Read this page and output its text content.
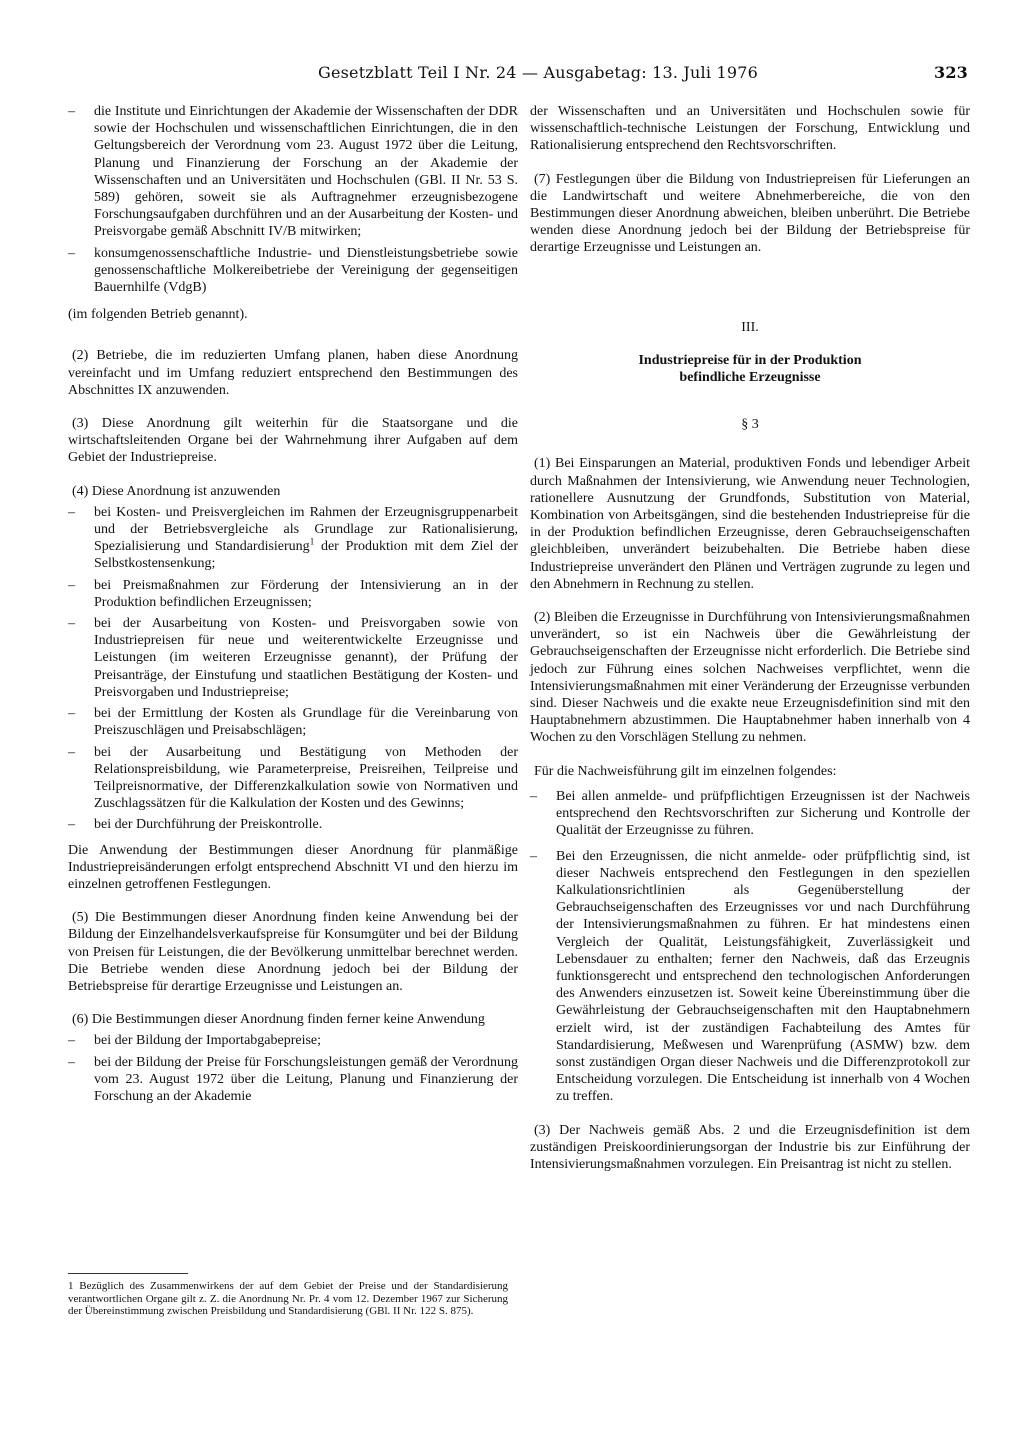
Gesetzblatt Teil I Nr. 24 — Ausgabetag: 13. Juli 1976	323
– die Institute und Einrichtungen der Akademie der Wissenschaften der DDR sowie der Hochschulen und wissenschaftlichen Einrichtungen, die in den Geltungsbereich der Verordnung vom 23. August 1972 über die Leitung, Planung und Finanzierung der Forschung an der Akademie der Wissenschaften und an Universitäten und Hochschulen (GBl. II Nr. 53 S. 589) gehören, soweit sie als Auftragnehmer erzeugnisbezogene Forschungsaufgaben durchführen und an der Ausarbeitung der Kosten- und Preisvorgabe gemäß Abschnitt IV/B mitwirken;
– konsumgenossenschaftliche Industrie- und Dienstleistungsbetriebe sowie genossenschaftliche Molkereibetriebe der Vereinigung der gegenseitigen Bauernhilfe (VdgB)

(im folgenden Betrieb genannt).

(2) Betriebe, die im reduzierten Umfang planen, haben diese Anordnung vereinfacht und im Umfang reduziert entsprechend den Bestimmungen des Abschnittes IX anzuwenden.

(3) Diese Anordnung gilt weiterhin für die Staatsorgane und die wirtschaftsleitenden Organe bei der Wahrnehmung ihrer Aufgaben auf dem Gebiet der Industriepreise.

(4) Diese Anordnung ist anzuwenden

– bei Kosten- und Preisvergleichen im Rahmen der Erzeugnisgruppenarbeit und der Betriebsvergleiche als Grundlage zur Rationalisierung, Spezialisierung und Standardisierung$^1$ der Produktion mit dem Ziel der Selbstkostensenkung;
– bei Preismaßnahmen zur Förderung der Intensivierung an in der Produktion befindlichen Erzeugnissen;
– bei der Ausarbeitung von Kosten- und Preisvorgaben sowie von Industriepreisen für neue und weiterentwickelte Erzeugnisse und Leistungen (im weiteren Erzeugnisse genannt), der Prüfung der Preisanträge, der Einstufung und staatlichen Bestätigung der Kosten- und Preisvorgaben und Industriepreise;
– bei der Ermittlung der Kosten als Grundlage für die Vereinbarung von Preiszuschlägen und Preisabschlägen;
– bei der Ausarbeitung und Bestätigung von Methoden der Relationspreisbildung, wie Parameterpreise, Preisreihen, Teilpreise und Teilpreisnormative, der Differenzkalkulation sowie von Normativen und Zuschlagssätzen für die Kalkulation der Kosten und des Gewinns;
– bei der Durchführung der Preiskontrolle.

Die Anwendung der Bestimmungen dieser Anordnung für planmäßige Industriepreisänderungen erfolgt entsprechend Abschnitt VI und den hierzu im einzelnen getroffenen Festlegungen.

(5) Die Bestimmungen dieser Anordnung finden keine Anwendung bei der Bildung der Einzelhandelsverkaufspreise für Konsumgüter und bei der Bildung von Preisen für Leistungen, die der Bevölkerung unmittelbar berechnet werden. Die Betriebe wenden diese Anordnung jedoch bei der Bildung der Betriebspreise für derartige Erzeugnisse und Leistungen an.

(6) Die Bestimmungen dieser Anordnung finden ferner keine Anwendung

– bei der Bildung der Importabgabepreise;
– bei der Bildung der Preise für Forschungsleistungen gemäß der Verordnung vom 23. August 1972 über die Leitung, Planung und Finanzierung der Forschung an der Akademie
1 Bezüglich des Zusammenwirkens der auf dem Gebiet der Preise und der Standardisierung verantwortlichen Organe gilt z. Z. die Anordnung Nr. Pr. 4 vom 12. Dezember 1967 zur Sicherung der Übereinstimmung zwischen Preisbildung und Standardisierung (GBl. II Nr. 122 S. 875).

der Wissenschaften und an Universitäten und Hochschulen sowie für wissenschaftlich-technische Leistungen der Forschung, Entwicklung und Rationalisierung entsprechend den Rechtsvorschriften.

(7) Festlegungen über die Bildung von Industriepreisen für Lieferungen an die Landwirtschaft und weitere Abnehmerbereiche, die von den Bestimmungen dieser Anordnung abweichen, bleiben unberührt. Die Betriebe wenden diese Anordnung jedoch bei der Bildung der Betriebspreise für derartige Erzeugnisse und Leistungen an.

III.
Industriepreise für in der Produktion
befindliche Erzeugnisse
§ 3

(1) Bei Einsparungen an Material, produktiven Fonds und lebendiger Arbeit durch Maßnahmen der Intensivierung, wie Anwendung neuer Technologien, rationellere Ausnutzung der Grundfonds, Substitution von Material, Kombination von Arbeitsgängen, sind die bestehenden Industriepreise für die in der Produktion befindlichen Erzeugnisse, deren Gebrauchseigenschaften gleichbleiben, unverändert beizubehalten. Die Betriebe haben diese Industriepreise unverändert den Plänen und Verträgen zugrunde zu legen und den Abnehmern in Rechnung zu stellen.

(2) Bleiben die Erzeugnisse in Durchführung von Intensivierungsmaßnahmen unverändert, so ist ein Nachweis über die Gewährleistung der Gebrauchseigenschaften der Erzeugnisse nicht erforderlich. Die Betriebe sind jedoch zur Führung eines solchen Nachweises verpflichtet, wenn die Intensivierungsmaßnahmen mit einer Veränderung der Erzeugnisse verbunden sind. Dieser Nachweis und die exakte neue Erzeugnisdefinition sind mit den Hauptabnehmern abzustimmen. Die Hauptabnehmer haben innerhalb von 4 Wochen zu den Vorschlägen Stellung zu nehmen.

Für die Nachweisführung gilt im einzelnen folgendes:

– Bei allen anmelde- und prüfpflichtigen Erzeugnissen ist der Nachweis entsprechend den Rechtsvorschriften zur Sicherung und Kontrolle der Qualität der Erzeugnisse zu führen.
– Bei den Erzeugnissen, die nicht anmelde- oder prüfpflichtig sind, ist dieser Nachweis entsprechend den Festlegungen in den speziellen Kalkulationsrichtlinien als Gegenüberstellung der Gebrauchseigenschaften des Erzeugnisses vor und nach Durchführung der Intensivierungsmaßnahmen zu führen. Er hat mindestens einen Vergleich der Qualität, Leistungsfähigkeit, Zuverlässigkeit und Lebensdauer zu enthalten; ferner den Nachweis, daß das Erzeugnis funktionsgerecht und entsprechend den technologischen Anforderungen des Anwenders einzusetzen ist. Soweit keine Übereinstimmung über die Gewährleistung der Gebrauchseigenschaften mit den Hauptabnehmern erzielt wird, ist der zuständigen Fachabteilung des Amtes für Standardisierung, Meßwesen und Warenprüfung (ASMW) bzw. dem sonst zuständigen Organ dieser Nachweis und die Differenzprotokoll zur Entscheidung vorzulegen. Die Entscheidung ist innerhalb von 4 Wochen zu treffen.

(3) Der Nachweis gemäß Abs. 2 und die Erzeugnisdefinition ist dem zuständigen Preiskoordinierungsorgan der Industrie bis zur Einführung der Intensivierungsmaßnahmen vorzulegen. Ein Preisantrag ist nicht zu stellen.
